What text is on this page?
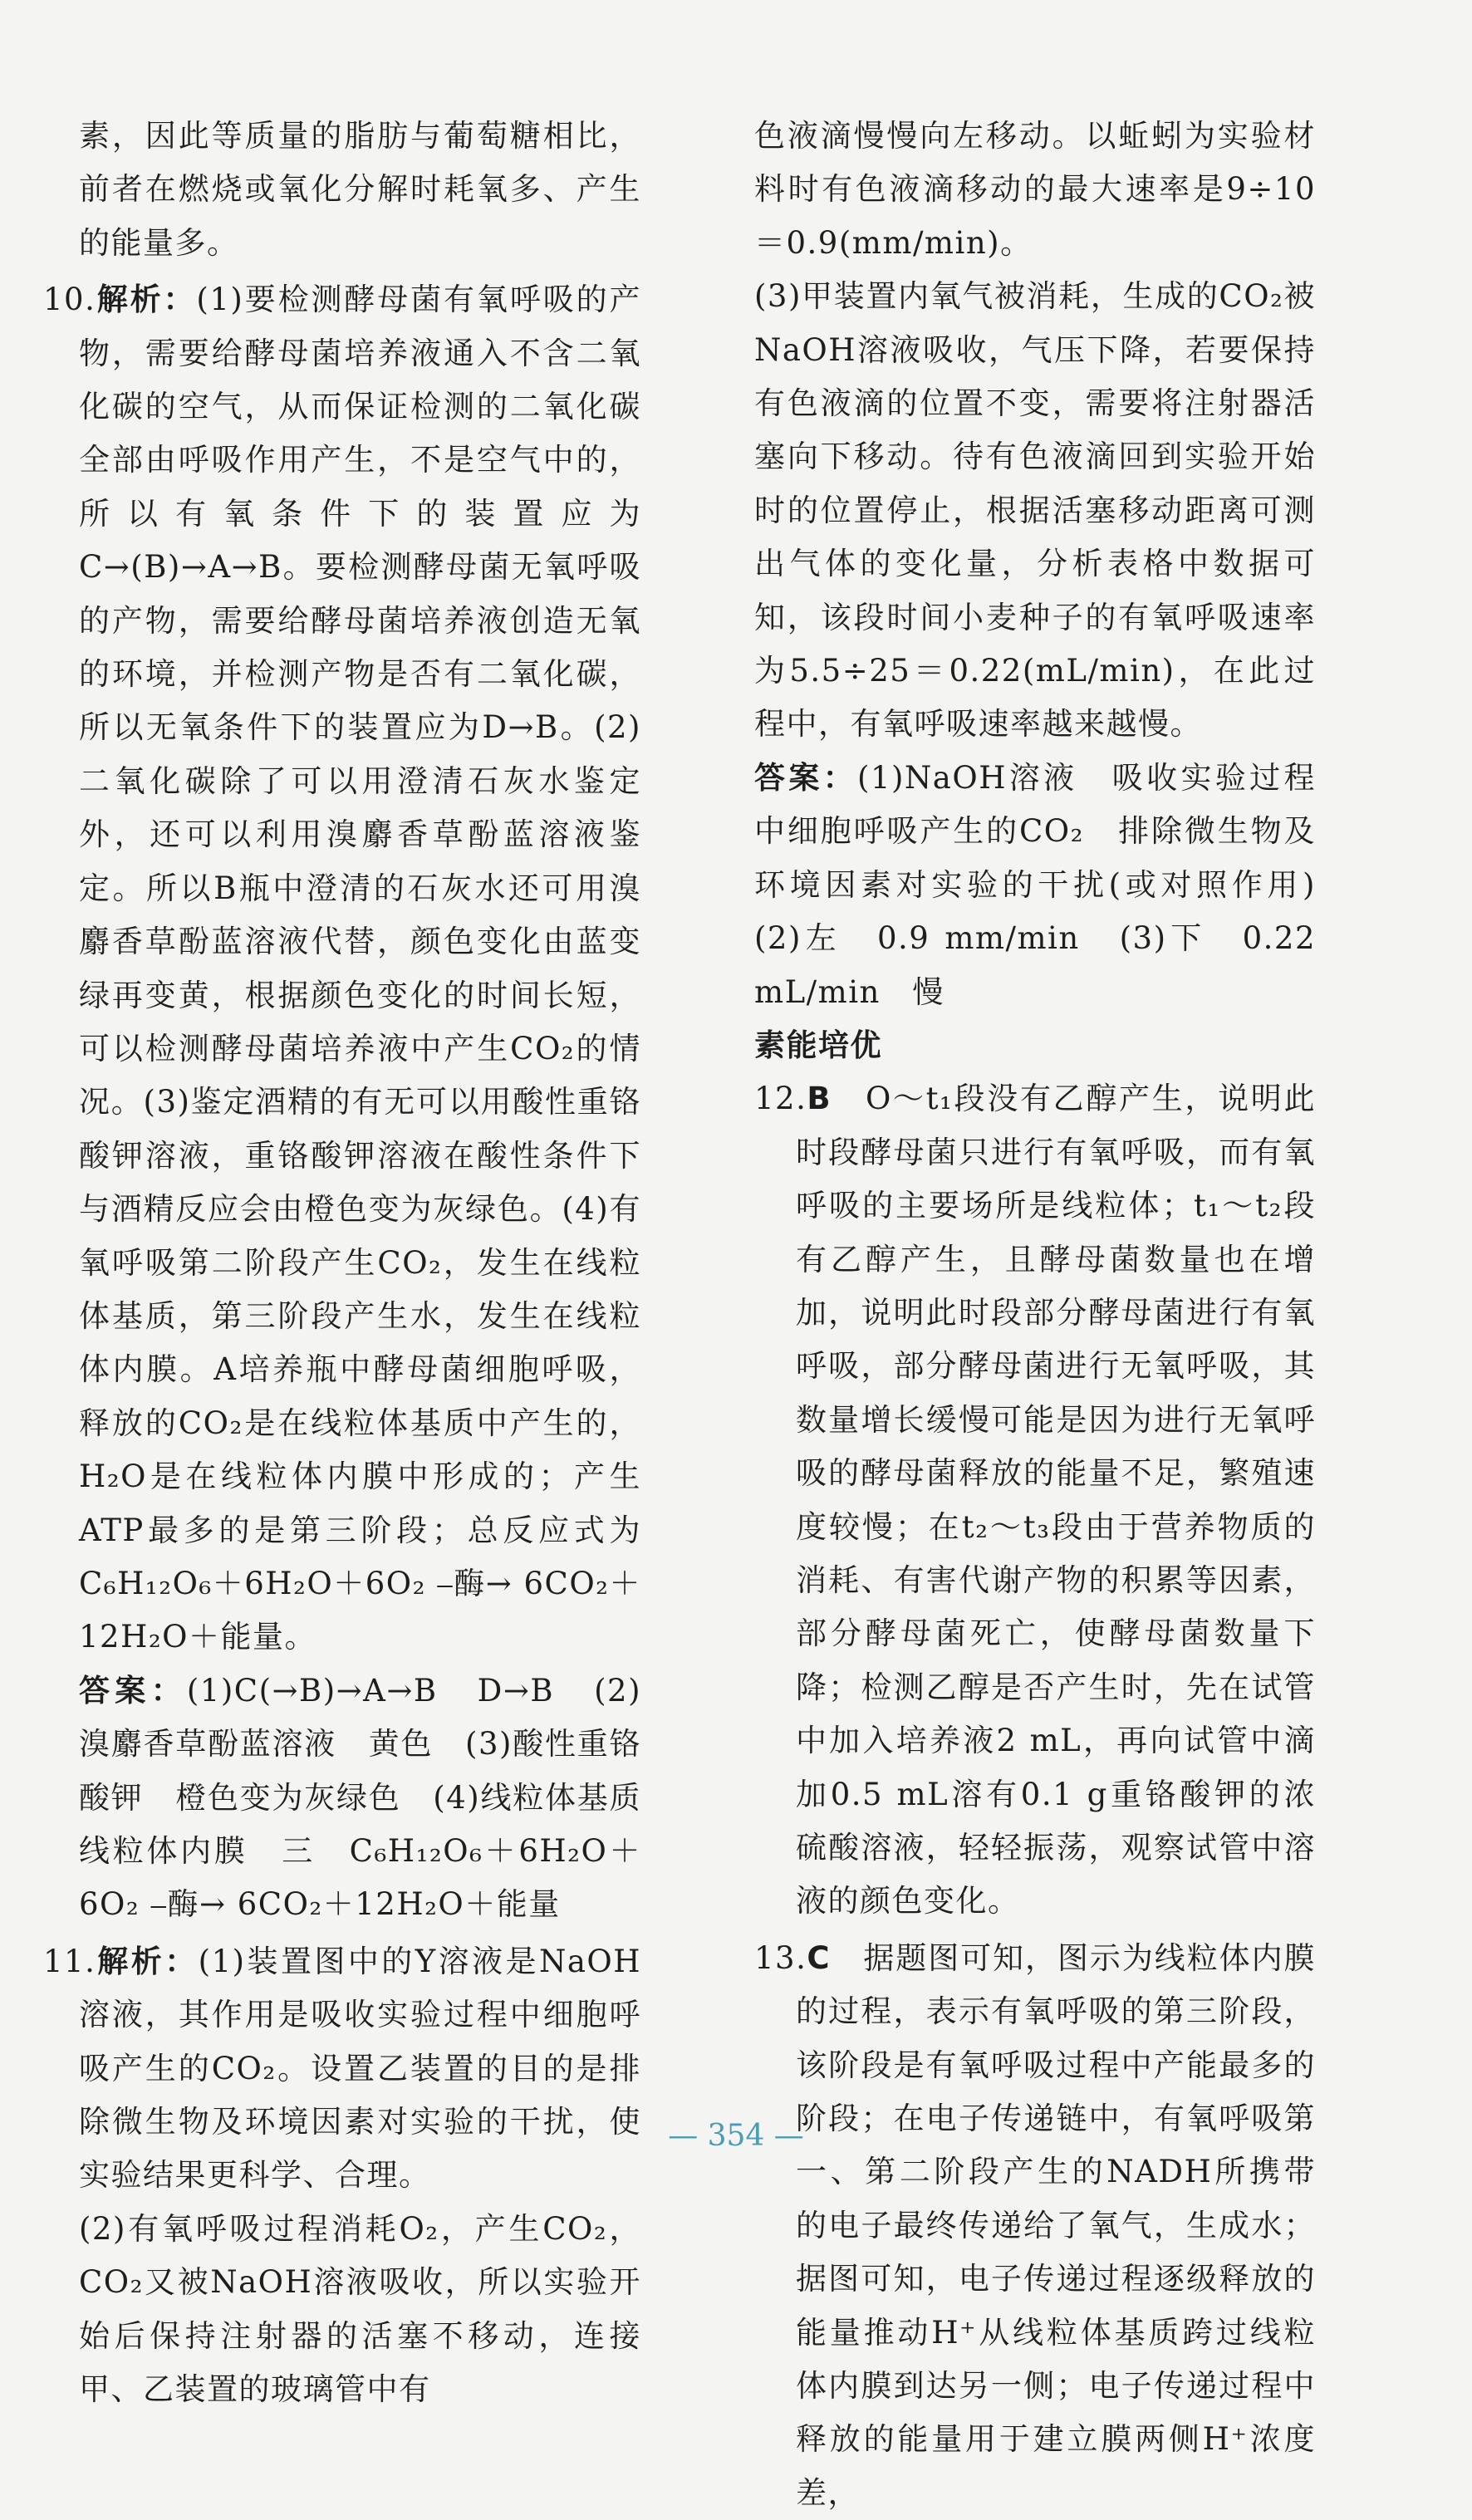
素，因此等质量的脂肪与葡萄糖相比，前者在燃烧或氧化分解时耗氧多、产生的能量多。

10.解析：(1)要检测酵母菌有氧呼吸的产物，需要给酵母菌培养液通入不含二氧化碳的空气，从而保证检测的二氧化碳全部由呼吸作用产生，不是空气中的，所以有氧条件下的装置应为C→(B)→A→B。要检测酵母菌无氧呼吸的产物，需要给酵母菌培养液创造无氧的环境，并检测产物是否有二氧化碳，所以无氧条件下的装置应为D→B。(2)二氧化碳除了可以用澄清石灰水鉴定外，还可以利用溴麝香草酚蓝溶液鉴定。所以B瓶中澄清的石灰水还可用溴麝香草酚蓝溶液代替，颜色变化由蓝变绿再变黄，根据颜色变化的时间长短，可以检测酵母菌培养液中产生CO₂的情况。(3)鉴定酒精的有无可以用酸性重铬酸钾溶液，重铬酸钾溶液在酸性条件下与酒精反应会由橙色变为灰绿色。(4)有氧呼吸第二阶段产生CO₂，发生在线粒体基质，第三阶段产生水，发生在线粒体内膜。A培养瓶中酵母菌细胞呼吸，释放的CO₂是在线粒体基质中产生的，H₂O是在线粒体内膜中形成的；产生ATP最多的是第三阶段；总反应式为C₆H₁₂O₆＋6H₂O＋6O₂ ⎯酶→ 6CO₂＋12H₂O＋能量。

答案：(1)C(→B)→A→B　D→B　(2)溴麝香草酚蓝溶液　黄色　(3)酸性重铬酸钾　橙色变为灰绿色　(4)线粒体基质　线粒体内膜　三　C₆H₁₂O₆＋6H₂O＋6O₂ ⎯酶→ 6CO₂＋12H₂O＋能量

11.解析：(1)装置图中的Y溶液是NaOH溶液，其作用是吸收实验过程中细胞呼吸产生的CO₂。设置乙装置的目的是排除微生物及环境因素对实验的干扰，使实验结果更科学、合理。

(2)有氧呼吸过程消耗O₂，产生CO₂，CO₂又被NaOH溶液吸收，所以实验开始后保持注射器的活塞不移动，连接甲、乙装置的玻璃管中有

色液滴慢慢向左移动。以蚯蚓为实验材料时有色液滴移动的最大速率是9÷10＝0.9(mm/min)。

(3)甲装置内氧气被消耗，生成的CO₂被NaOH溶液吸收，气压下降，若要保持有色液滴的位置不变，需要将注射器活塞向下移动。待有色液滴回到实验开始时的位置停止，根据活塞移动距离可测出气体的变化量，分析表格中数据可知，该段时间小麦种子的有氧呼吸速率为5.5÷25＝0.22(mL/min)，在此过程中，有氧呼吸速率越来越慢。

答案：(1)NaOH溶液　吸收实验过程中细胞呼吸产生的CO₂　排除微生物及环境因素对实验的干扰(或对照作用)　(2)左　0.9 mm/min　(3)下　0.22 mL/min　慢

素能培优

12.B　 O～t₁段没有乙醇产生，说明此时段酵母菌只进行有氧呼吸，而有氧呼吸的主要场所是线粒体；t₁～t₂段有乙醇产生，且酵母菌数量也在增加，说明此时段部分酵母菌进行有氧呼吸，部分酵母菌进行无氧呼吸，其数量增长缓慢可能是因为进行无氧呼吸的酵母菌释放的能量不足，繁殖速度较慢；在t₂～t₃段由于营养物质的消耗、有害代谢产物的积累等因素，部分酵母菌死亡，使酵母菌数量下降；检测乙醇是否产生时，先在试管中加入培养液2 mL，再向试管中滴加0.5 mL溶有0.1 g重铬酸钾的浓硫酸溶液，轻轻振荡，观察试管中溶液的颜色变化。

13.C　 据题图可知，图示为线粒体内膜的过程，表示有氧呼吸的第三阶段，该阶段是有氧呼吸过程中产能最多的阶段；在电子传递链中，有氧呼吸第一、第二阶段产生的NADH所携带的电子最终传递给了氧气，生成水；据图可知，电子传递过程逐级释放的能量推动H⁺从线粒体基质跨过线粒体内膜到达另一侧；电子传递过程中释放的能量用于建立膜两侧H⁺浓度差，

— 354 —
